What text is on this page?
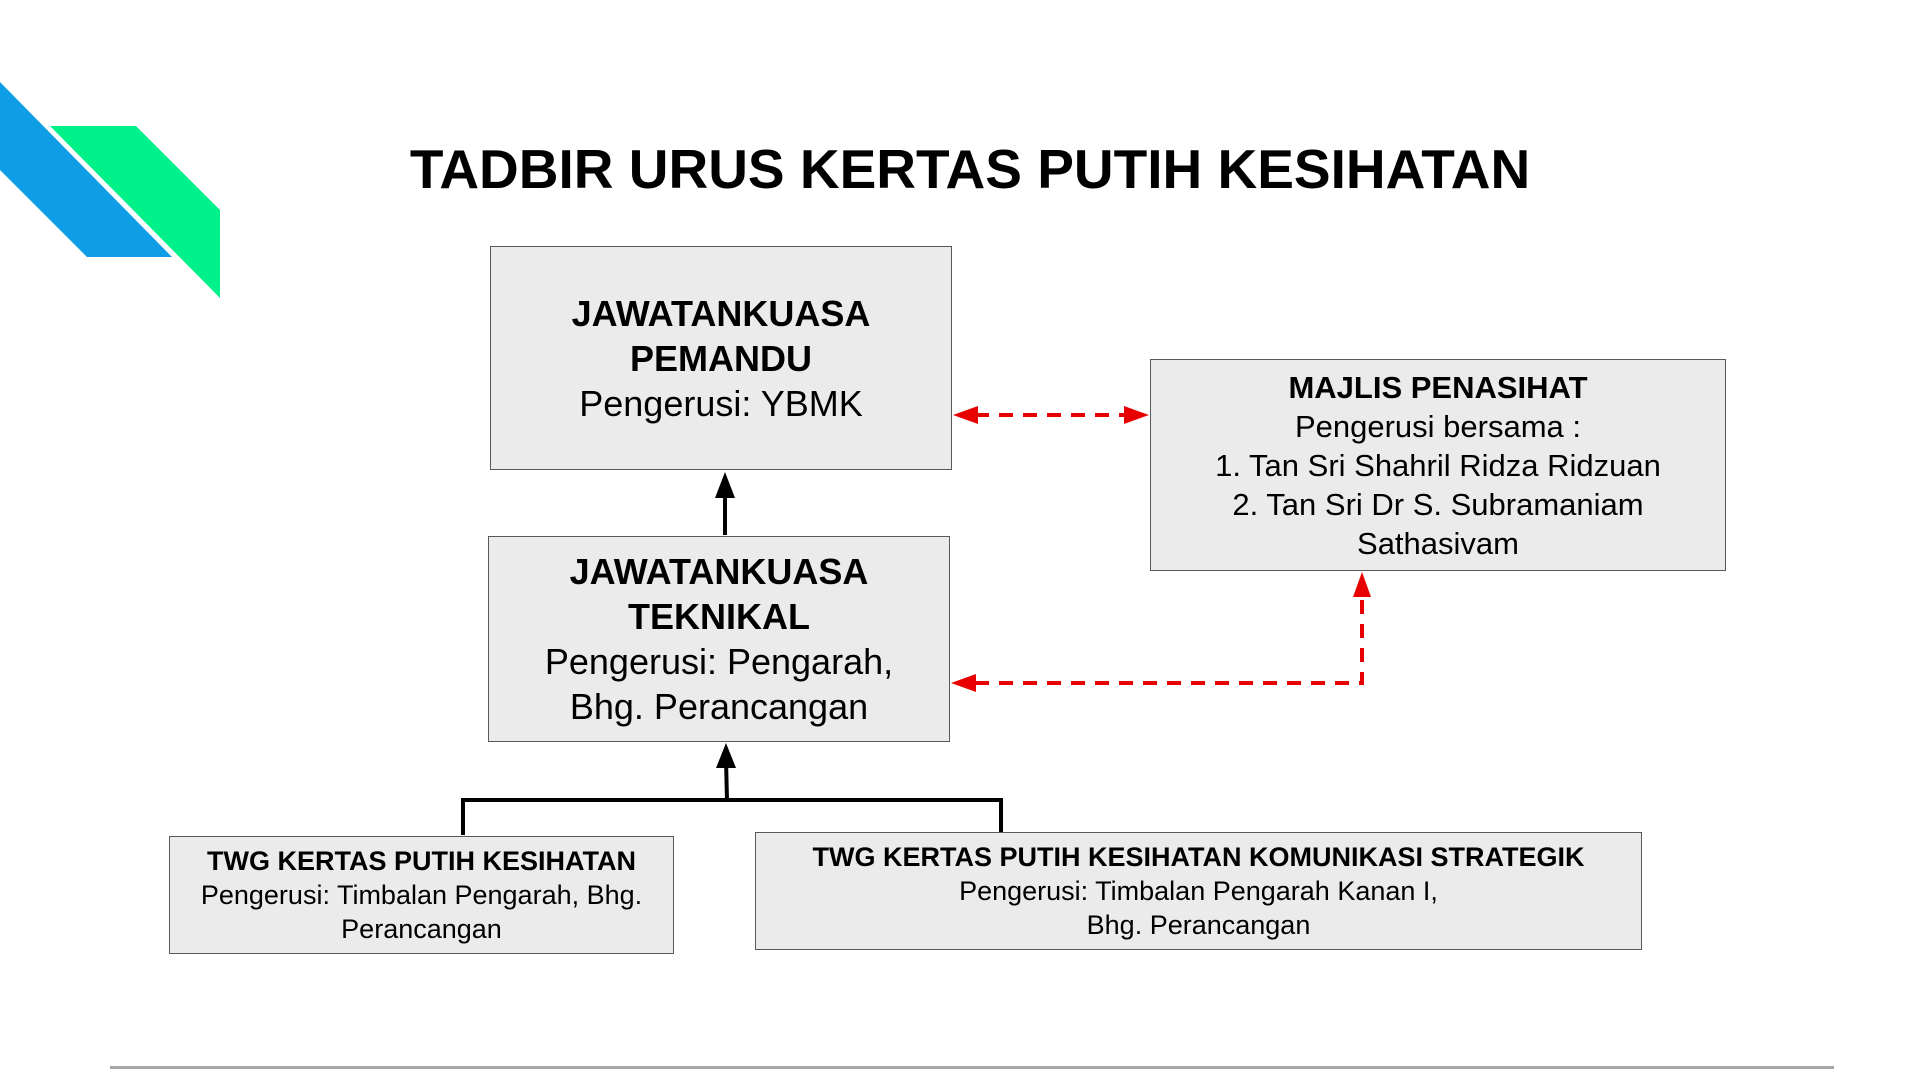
TADBIR URUS KERTAS PUTIH KESIHATAN
JAWATANKUASA PEMANDU
Pengerusi: YBMK
JAWATANKUASA TEKNIKAL
Pengerusi: Pengarah, Bhg. Perancangan
MAJLIS PENASIHAT
Pengerusi bersama :
1. Tan Sri Shahril Ridza Ridzuan
2. Tan Sri Dr S. Subramaniam
Sathasivam
TWG KERTAS PUTIH KESIHATAN
Pengerusi: Timbalan Pengarah, Bhg. Perancangan
TWG KERTAS PUTIH KESIHATAN KOMUNIKASI STRATEGIK
Pengerusi: Timbalan Pengarah Kanan I,
Bhg. Perancangan
